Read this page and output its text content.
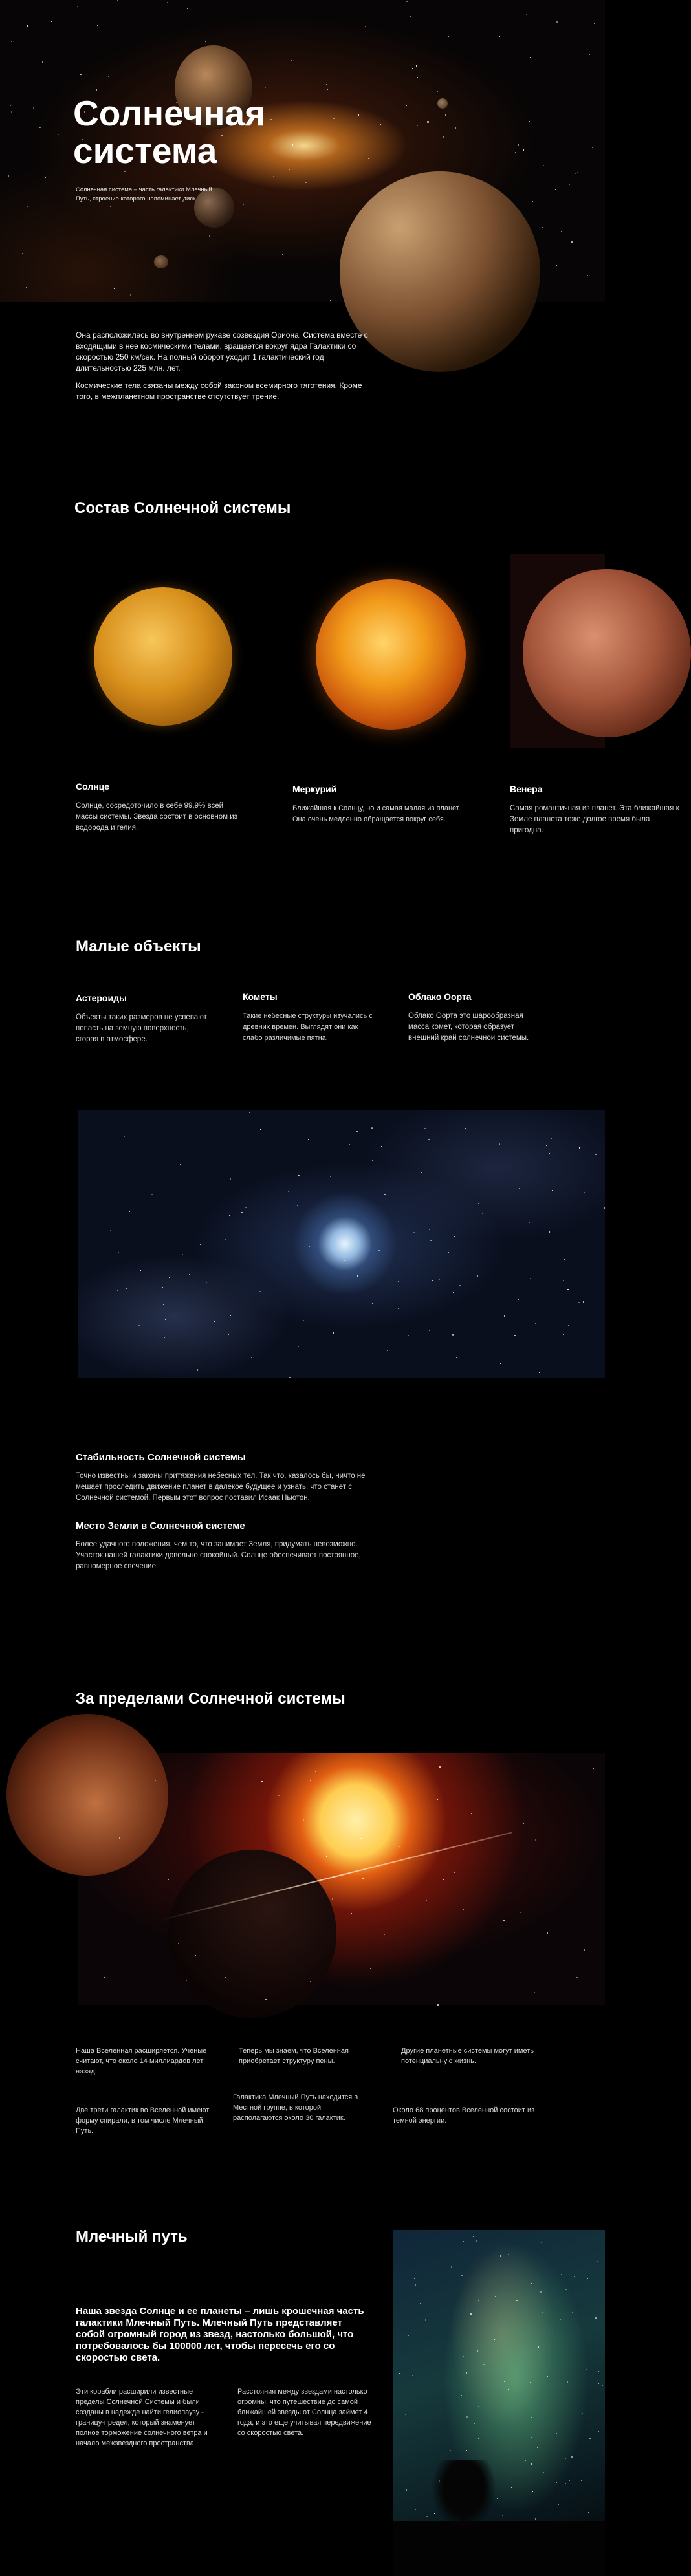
Солнечная система

Солнечная система – часть галактики Млечный Путь, строение которого напоминает диск

Она расположилась во внутреннем рукаве созвездия Ориона. Система вместе с входящими в нее космическими телами, вращается вокруг ядра Галактики со скоростью 250 км/сек. На полный оборот уходит 1 галактический год длительностью 225 млн. лет.

Космические тела связаны между собой законом всемирного тяготения. Кроме того, в межпланетном пространстве отсутствует трение.

Состав Солнечной системы
Солнце

Солнце, сосредоточило в себе 99,9% всей массы системы. Звезда состоит в основном из водорода и гелия.

Меркурий

Ближайшая к Солнцу, но и самая малая из планет. Она очень медленно обращается вокруг себя.

Венера

Самая романтичная из планет. Эта ближайшая к Земле планета тоже долгое время была пригодна.

Малые объекты
Астероиды

Объекты таких размеров не успевают попасть на земную поверхность, сгорая в атмосфере.

Кометы

Такие небесные структуры изучались с древних времен. Выглядят они как слабо различимые пятна.

Облако Оорта

Облако Оорта это шарообразная масса комет, которая образует внешний край солнечной системы.

Стабильность Солнечной системы

Точно известны и законы притяжения небесных тел. Так что, казалось бы, ничто не мешает проследить движение планет в далекое будущее и узнать, что станет с Солнечной системой. Первым этот вопрос поставил Исаак Ньютон.

Место Земли в Солнечной системе

Более удачного положения, чем то, что занимает Земля, придумать невозможно. Участок нашей галактики довольно спокойный. Солнце обеспечивает постоянное, равномерное свечение.

За пределами Солнечной системы

Наша Вселенная расширяется. Ученые считают, что около 14 миллиардов лет назад.

Теперь мы знаем, что Вселенная приобретает структуру пены.

Другие планетные системы могут иметь потенциальную жизнь.

Две трети галактик во Вселенной имеют форму спирали, в том числе Млечный Путь.

Галактика Млечный Путь находится в Местной группе, в которой располагаются около 30 галактик.

Около 68 процентов Вселенной состоит из темной энергии.

Млечный путь

Наша звезда Солнце и ее планеты – лишь крошечная часть галактики Млечный Путь. Млечный Путь представляет собой огромный город из звезд, настолько большой, что потребовалось бы 100000 лет, чтобы пересечь его со скоростью света.

Эти корабли расширили известные пределы Солнечной Системы и были созданы в надежде найти гелиопаузу - границу-предел, который знаменует полное торможение солнечного ветра и начало межзвездного пространства.

Расстояния между звездами настолько огромны, что путешествие до самой ближайшей звезды от Солнца займет 4 года, и это еще учитывая передвижение со скоростью света.
